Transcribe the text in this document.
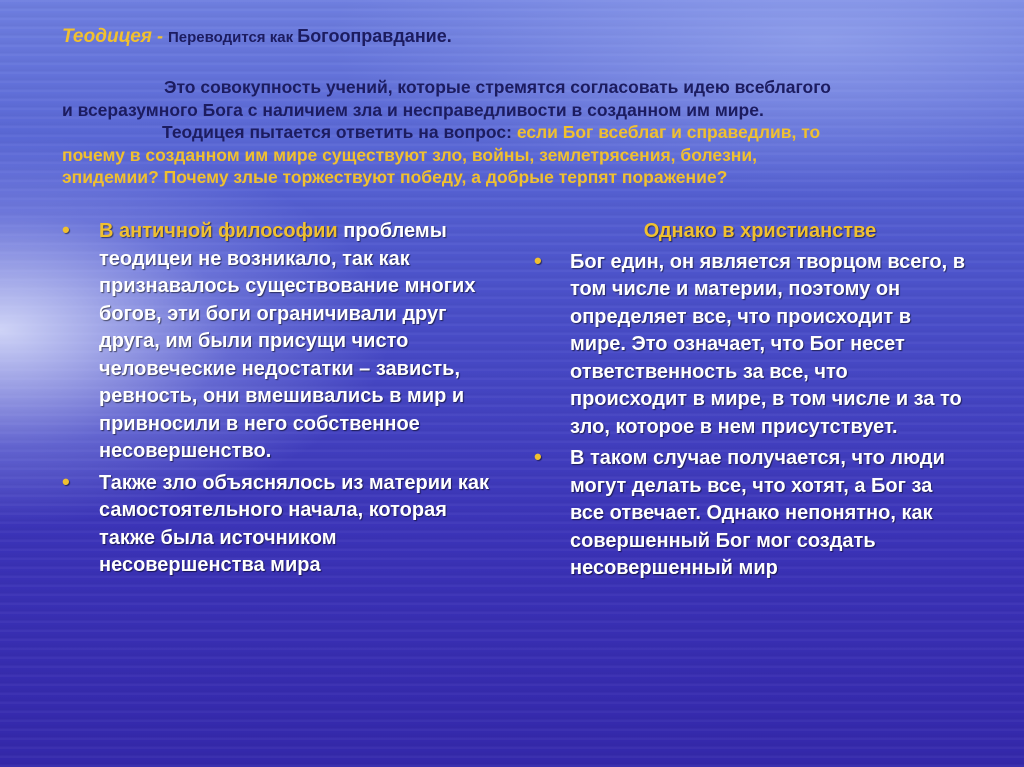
Теодицея - Переводится как Богооправдание.
Это совокупность учений, которые стремятся согласовать идею всеблагого
и всеразумного Бога с наличием зла и несправедливости в созданном им мире.
Теодицея пытается ответить на вопрос: если Бог всеблаг и справедлив, то
почему в созданном им мире существуют зло, войны, землетрясения, болезни,
эпидемии? Почему злые торжествуют победу, а добрые терпят поражение?
• В античной философии проблемы теодицеи не возникало, так как признавалось существование многих богов, эти боги ограничивали друг друга, им были присущи чисто человеческие недостатки – зависть, ревность, они вмешивались в мир и привносили в него собственное несовершенство.
• Также зло объяснялось из материи как самостоятельного начала, которая также была источником несовершенства мира
Однако в христианстве
• Бог един, он является творцом всего, в том числе и материи, поэтому он определяет все, что происходит в мире. Это означает, что Бог несет ответственность за все, что происходит в мире, в том числе и за то зло, которое в нем присутствует.
• В таком случае получается, что люди могут делать все, что хотят, а Бог за все отвечает. Однако непонятно, как совершенный Бог мог создать несовершенный мир
